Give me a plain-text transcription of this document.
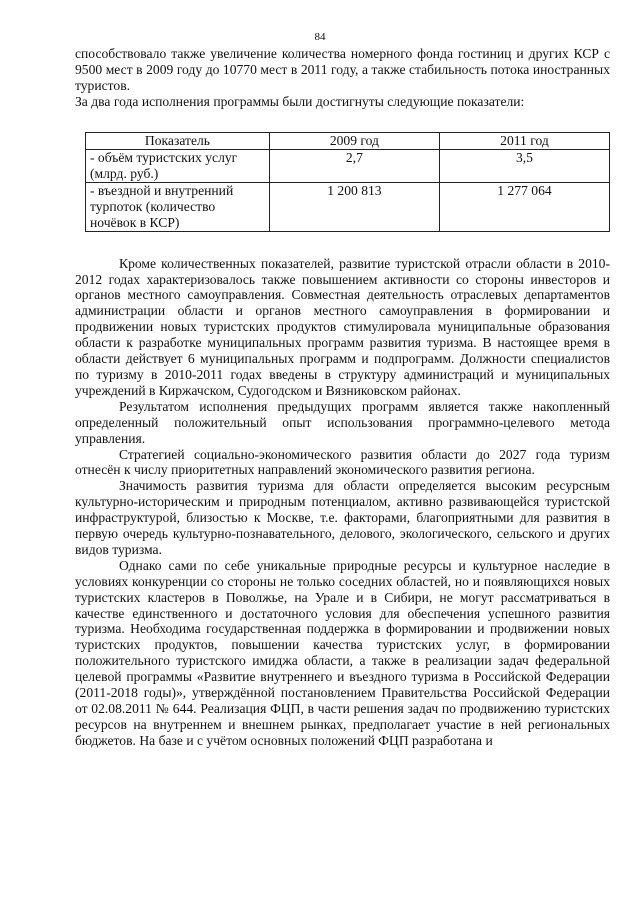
84

способствовало также увеличение количества номерного фонда гостиниц и других КСР с 9500 мест в 2009 году до 10770 мест в 2011 году, а также стабильность потока иностранных туристов.

За два года исполнения программы были достигнуты следующие показатели:

Показатель	2009 год	2011 год
- объём туристских услуг (млрд. руб.)	2,7	3,5
- въездной и внутренний турпоток (количество ночёвок в КСР)	1 200 813	1 277 064

Кроме количественных показателей, развитие туристской отрасли области в 2010-2012 годах характеризовалось также повышением активности со стороны инвесторов и органов местного самоуправления. Совместная деятельность отраслевых департаментов администрации области и органов местного самоуправления в формировании и продвижении новых туристских продуктов стимулировала муниципальные образования области к разработке муниципальных программ развития туризма. В настоящее время в области действует 6 муниципальных программ и подпрограмм. Должности специалистов по туризму в 2010-2011 годах введены в структуру администраций и муниципальных учреждений в Киржачском, Судогодском и Вязниковском районах.

Результатом исполнения предыдущих программ является также накопленный определенный положительный опыт использования программно-целевого метода управления.

Стратегией социально-экономического развития области до 2027 года туризм отнесён к числу приоритетных направлений экономического развития региона.

Значимость развития туризма для области определяется высоким ресурсным культурно-историческим и природным потенциалом, активно развивающейся туристской инфраструктурой, близостью к Москве, т.е. факторами, благоприятными для развития в первую очередь культурно-познавательного, делового, экологического, сельского и других видов туризма.

Однако сами по себе уникальные природные ресурсы и культурное наследие в условиях конкуренции со стороны не только соседних областей, но и появляющихся новых туристских кластеров в Поволжье, на Урале и в Сибири, не могут рассматриваться в качестве единственного и достаточного условия для обеспечения успешного развития туризма. Необходима государственная поддержка в формировании и продвижении новых туристских продуктов, повышении качества туристских услуг, в формировании положительного туристского имиджа области, а также в реализации задач федеральной целевой программы «Развитие внутреннего и въездного туризма в Российской Федерации (2011-2018 годы)», утверждённой постановлением Правительства Российской Федерации от 02.08.2011 № 644. Реализация ФЦП, в части решения задач по продвижению туристских ресурсов на внутреннем и внешнем рынках, предполагает участие в ней региональных бюджетов. На базе и с учётом основных положений ФЦП разработана и
